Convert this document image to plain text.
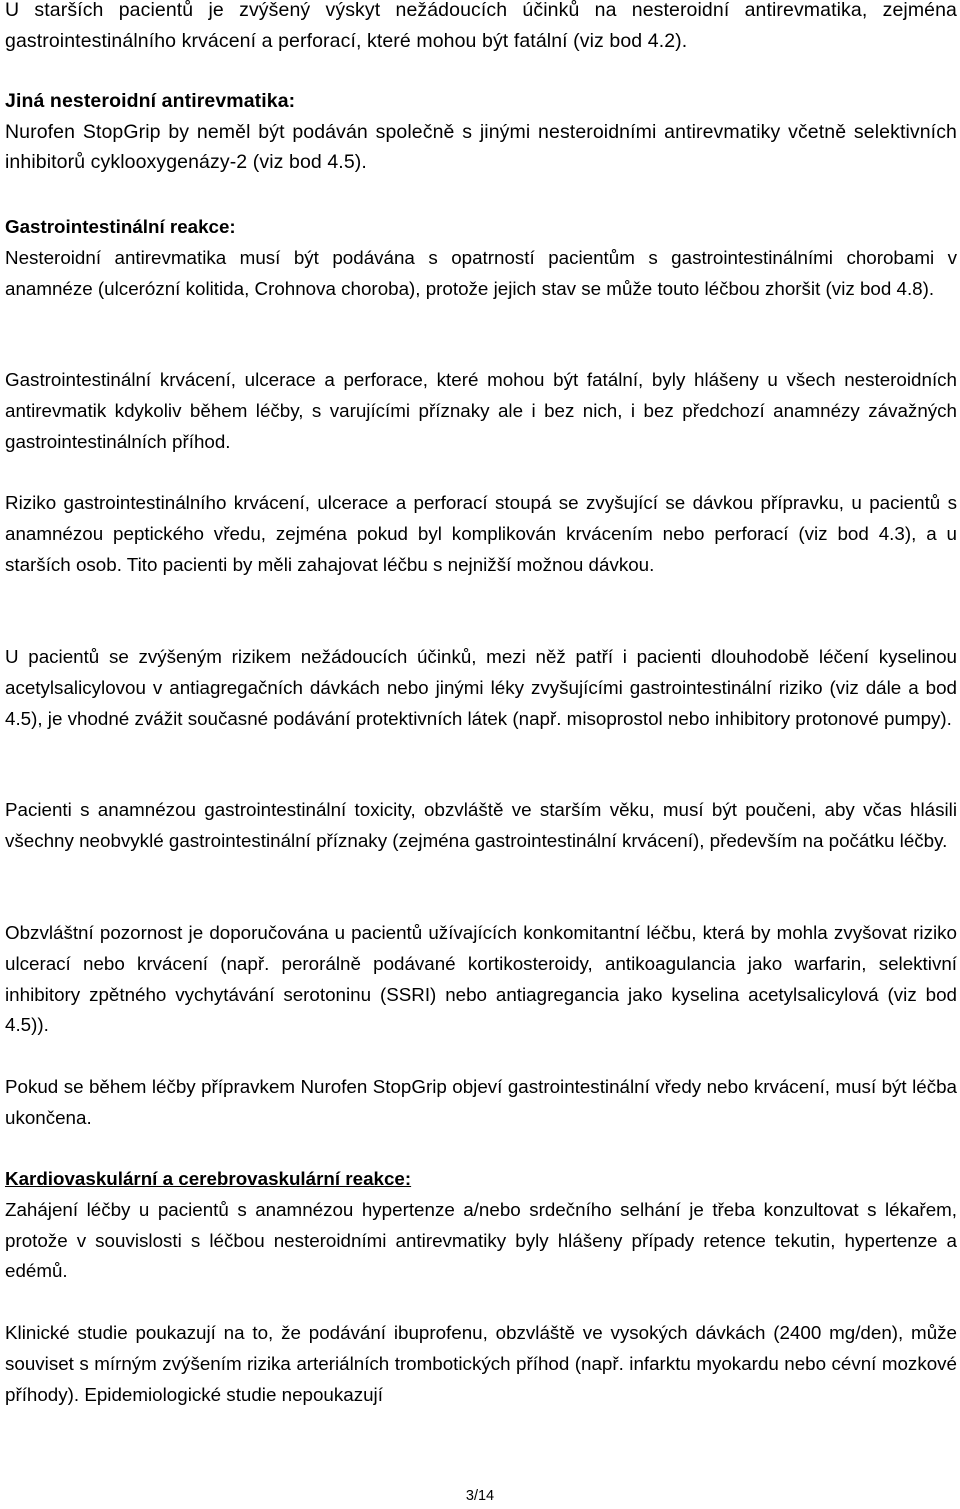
U starších pacientů je zvýšený výskyt nežádoucích účinků na nesteroidní antirevmatika, zejména gastrointestinálního krvácení a perforací, které mohou být fatální (viz bod 4.2).

Jiná nesteroidní antirevmatika:
Nurofen StopGrip by neměl být podáván společně s jinými nesteroidními antirevmatiky včetně selektivních inhibitorů cyklooxygenázy-2 (viz bod 4.5).
Gastrointestinální reakce:
Nesteroidní antirevmatika musí být podávána s opatrností pacientům s gastrointestinálními chorobami v anamnéze (ulcerózní kolitida, Crohnova choroba), protože jejich stav se může touto léčbou zhoršit (viz bod 4.8).

Gastrointestinální krvácení, ulcerace a perforace, které mohou být fatální, byly hlášeny u všech nesteroidních antirevmatik kdykoliv během léčby, s varujícími příznaky ale i bez nich, i bez předchozí anamnézy závažných gastrointestinálních příhod.

Riziko gastrointestinálního krvácení, ulcerace a perforací stoupá se zvyšující se dávkou přípravku, u pacientů s anamnézou peptického vředu, zejména pokud byl komplikován krvácením nebo perforací (viz bod 4.3), a u starších osob. Tito pacienti by měli zahajovat léčbu s nejnižší možnou dávkou.

U pacientů se zvýšeným rizikem nežádoucích účinků, mezi něž patří i pacienti dlouhodobě léčení kyselinou acetylsalicylovou v antiagregačních dávkách nebo jinými léky zvyšujícími gastrointestinální riziko (viz dále a bod 4.5), je vhodné zvážit současné podávání protektivních látek (např. misoprostol nebo inhibitory protonové pumpy).

Pacienti s anamnézou gastrointestinální toxicity, obzvláště ve starším věku, musí být poučeni, aby včas hlásili všechny neobvyklé gastrointestinální příznaky (zejména gastrointestinální krvácení), především na počátku léčby.

Obzvláštní pozornost je doporučována u pacientů užívajících konkomitantní léčbu, která by mohla zvyšovat riziko ulcerací nebo krvácení (např. perorálně podávané kortikosteroidy, antikoagulancia jako warfarin, selektivní inhibitory zpětného vychytávání serotoninu (SSRI) nebo antiagregancia jako kyselina acetylsalicylová (viz bod 4.5)).

Pokud se během léčby přípravkem Nurofen StopGrip objeví gastrointestinální vředy nebo krvácení, musí být léčba ukončena.

Kardiovaskulární a cerebrovaskulární reakce:
Zahájení léčby u pacientů s anamnézou hypertenze a/nebo srdečního selhání je třeba konzultovat s lékařem, protože v souvislosti s léčbou nesteroidními antirevmatiky byly hlášeny případy retence tekutin, hypertenze a edémů.

Klinické studie poukazují na to, že podávání ibuprofenu, obzvláště ve vysokých dávkách (2400 mg/den), může souviset s mírným zvýšením rizika arteriálních trombotických příhod (např. infarktu myokardu nebo cévní mozkové příhody). Epidemiologické studie nepoukazují

3/14
